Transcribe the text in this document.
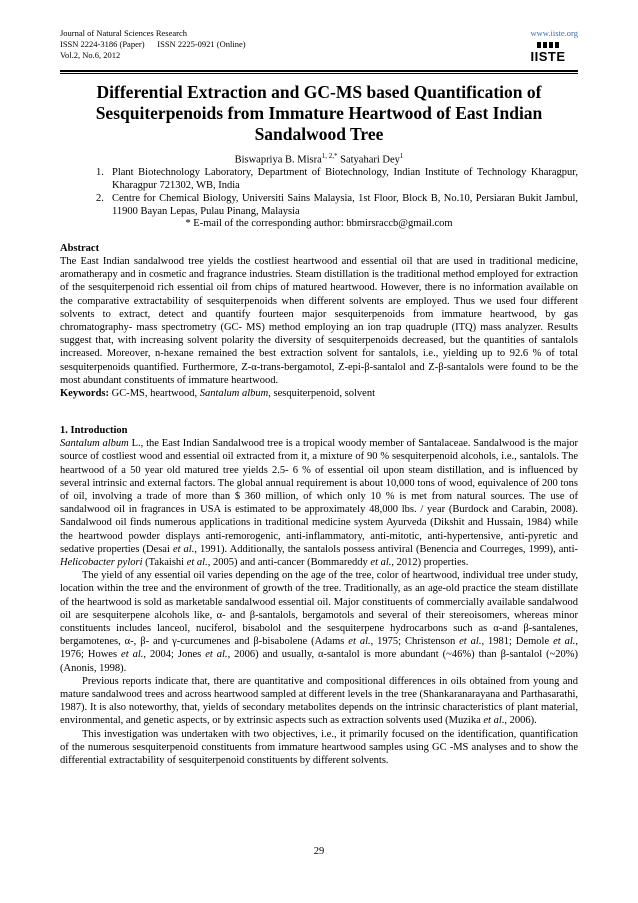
Journal of Natural Sciences Research
ISSN 2224-3186 (Paper)      ISSN 2225-0921 (Online)
Vol.2, No.6, 2012
www.iiste.org
IISTE
Differential Extraction and GC-MS based Quantification of Sesquiterpenoids from Immature Heartwood of East Indian Sandalwood Tree
Biswapriya B. Misra$^{1, 2,*}$ Satyahari Dey$^1$
1. Plant Biotechnology Laboratory, Department of Biotechnology, Indian Institute of Technology Kharagpur, Kharagpur 721302, WB, India
2. Centre for Chemical Biology, Universiti Sains Malaysia, 1st Floor, Block B, No.10, Persiaran Bukit Jambul, 11900 Bayan Lepas, Pulau Pinang, Malaysia
* E-mail of the corresponding author: bbmirsraccb@gmail.com
Abstract

The East Indian sandalwood tree yields the costliest heartwood and essential oil that are used in traditional medicine, aromatherapy and in cosmetic and fragrance industries. Steam distillation is the traditional method employed for extraction of the sesquiterpenoid rich essential oil from chips of matured heartwood. However, there is no information available on the comparative extractability of sesquiterpenoids when different solvents are employed. Thus we used four different solvents to extract, detect and quantify fourteen major sesquiterpenoids from immature heartwood, by gas chromatography- mass spectrometry (GC- MS) method employing an ion trap quadruple (ITQ) mass analyzer. Results suggest that, with increasing solvent polarity the diversity of sesquiterpenoids decreased, but the quantities of santalols increased. Moreover, n-hexane remained the best extraction solvent for santalols, i.e., yielding up to 92.6 % of total sesquiterpenoids quantified. Furthermore, Z-α-trans-bergamotol, Z-epi-β-santalol and Z-β-santalols were found to be the most abundant constituents of immature heartwood.

Keywords: GC-MS, heartwood, Santalum album, sesquiterpenoid, solvent

1. Introduction

Santalum album L., the East Indian Sandalwood tree is a tropical woody member of Santalaceae. Sandalwood is the major source of costliest wood and essential oil extracted from it, a mixture of 90 % sesquiterpenoid alcohols, i.e., santalols. The heartwood of a 50 year old matured tree yields 2.5- 6 % of essential oil upon steam distillation, and is influenced by several intrinsic and external factors. The global annual requirement is about 10,000 tons of wood, equivalence of 200 tons of oil, involving a trade of more than $ 360 million, of which only 10 % is met from natural sources. The use of sandalwood oil in fragrances in USA is estimated to be approximately 48,000 lbs. / year (Burdock and Carabin, 2008). Sandalwood oil finds numerous applications in traditional medicine system Ayurveda (Dikshit and Hussain, 1984) while the heartwood powder displays anti-remorogenic, anti-inflammatory, anti-mitotic, anti-hypertensive, anti-pyretic and sedative properties (Desai et al., 1991). Additionally, the santalols possess antiviral (Benencia and Courreges, 1999), anti-Helicobacter pylori (Takaishi et al., 2005) and anti-cancer (Bommareddy et al., 2012) properties.

The yield of any essential oil varies depending on the age of the tree, color of heartwood, individual tree under study, location within the tree and the environment of growth of the tree. Traditionally, as an age-old practice the steam distillate of the heartwood is sold as marketable sandalwood essential oil. Major constituents of commercially available sandalwood oil are sesquiterpene alcohols like, α- and β-santalols, bergamotols and several of their stereoisomers, whereas minor constituents includes lanceol, nuciferol, bisabolol and the sesquiterpene hydrocarbons such as α-and β-santalenes, bergamotenes, α-, β- and γ-curcumenes and β-bisabolene (Adams et al., 1975; Christenson et al., 1981; Demole et al., 1976; Howes et al., 2004; Jones et al., 2006) and usually, α-santalol is more abundant (~46%) than β-santalol (~20%) (Anonis, 1998).

Previous reports indicate that, there are quantitative and compositional differences in oils obtained from young and mature sandalwood trees and across heartwood sampled at different levels in the tree (Shankaranarayana and Parthasarathi, 1987). It is also noteworthy, that, yields of secondary metabolites depends on the intrinsic characteristics of plant material, environmental, and genetic aspects, or by extrinsic aspects such as extraction solvents used (Muzika et al., 2006).

This investigation was undertaken with two objectives, i.e., it primarily focused on the identification, quantification of the numerous sesquiterpenoid constituents from immature heartwood samples using GC -MS analyses and to show the differential extractability of sesquiterpenoid constituents by different solvents.

29
